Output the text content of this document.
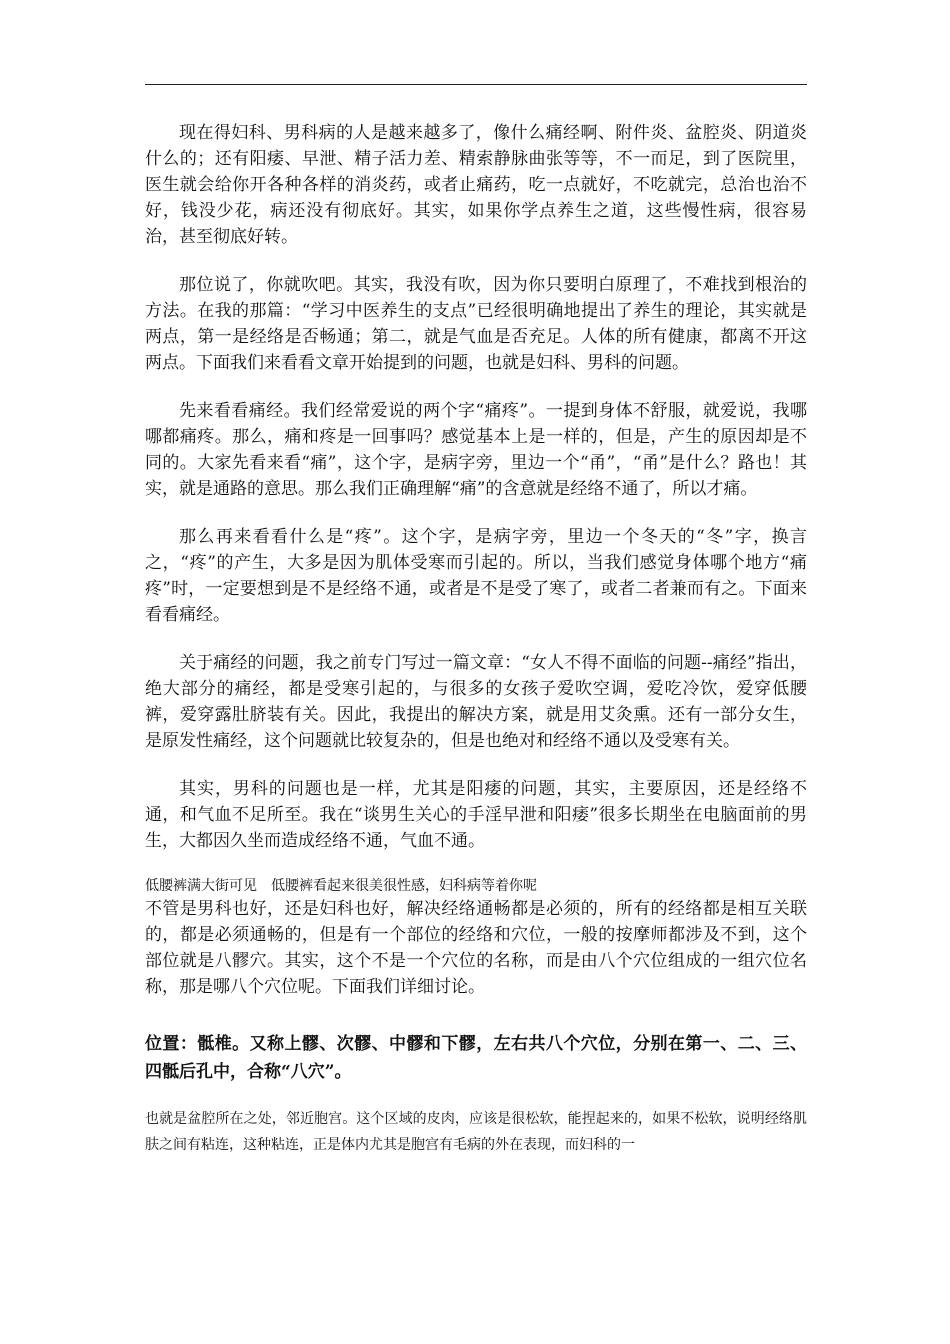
现在得妇科、男科病的人是越来越多了，像什么痛经啊、附件炎、盆腔炎、阴道炎什么的；还有阳痿、早泄、精子活力差、精索静脉曲张等等，不一而足，到了医院里，医生就会给你开各种各样的消炎药，或者止痛药，吃一点就好，不吃就完，总治也治不好，钱没少花，病还没有彻底好。其实，如果你学点养生之道，这些慢性病，很容易治，甚至彻底好转。

那位说了，你就吹吧。其实，我没有吹，因为你只要明白原理了，不难找到根治的方法。在我的那篇：“学习中医养生的支点”已经很明确地提出了养生的理论，其实就是两点，第一是经络是否畅通；第二，就是气血是否充足。人体的所有健康，都离不开这两点。下面我们来看看文章开始提到的问题，也就是妇科、男科的问题。

先来看看痛经。我们经常爱说的两个字“痛疼”。一提到身体不舒服，就爱说，我哪哪都痛疼。那么，痛和疼是一回事吗？感觉基本上是一样的，但是，产生的原因却是不同的。大家先看来看“痛”，这个字，是病字旁，里边一个“甬”，“甬”是什么？路也！其实，就是通路的意思。那么我们正确理解“痛”的含意就是经络不通了，所以才痛。

那么再来看看什么是“疼”。这个字，是病字旁，里边一个冬天的“冬”字，换言之，“疼”的产生，大多是因为肌体受寒而引起的。所以，当我们感觉身体哪个地方“痛疼”时，一定要想到是不是经络不通，或者是不是受了寒了，或者二者兼而有之。下面来看看痛经。

关于痛经的问题，我之前专门写过一篇文章：“女人不得不面临的问题--痛经”指出，绝大部分的痛经，都是受寒引起的，与很多的女孩子爱吹空调，爱吃冷饮，爱穿低腰裤，爱穿露肚脐装有关。因此，我提出的解决方案，就是用艾灸熏。还有一部分女生，是原发性痛经，这个问题就比较复杂的，但是也绝对和经络不通以及受寒有关。

其实，男科的问题也是一样，尤其是阳痿的问题，其实，主要原因，还是经络不通，和气血不足所至。我在“谈男生关心的手淫早泄和阳痿”很多长期坐在电脑面前的男生，大都因久坐而造成经络不通，气血不通。

低腰裤满大街可见　低腰裤看起来很美很性感，妇科病等着你呢

不管是男科也好，还是妇科也好，解决经络通畅都是必须的，所有的经络都是相互关联的，都是必须通畅的，但是有一个部位的经络和穴位，一般的按摩师都涉及不到，这个部位就是八髎穴。其实，这个不是一个穴位的名称，而是由八个穴位组成的一组穴位名称，那是哪八个穴位呢。下面我们详细讨论。

位置：骶椎。又称上髎、次髎、中髎和下髎，左右共八个穴位，分别在第一、二、三、四骶后孔中，合称“八穴”。

也就是盆腔所在之处，邻近胞宫。这个区域的皮肉，应该是很松软，能捏起来的，如果不松软，说明经络肌肤之间有粘连，这种粘连，正是体内尤其是胞宫有毛病的外在表现，而妇科的一
